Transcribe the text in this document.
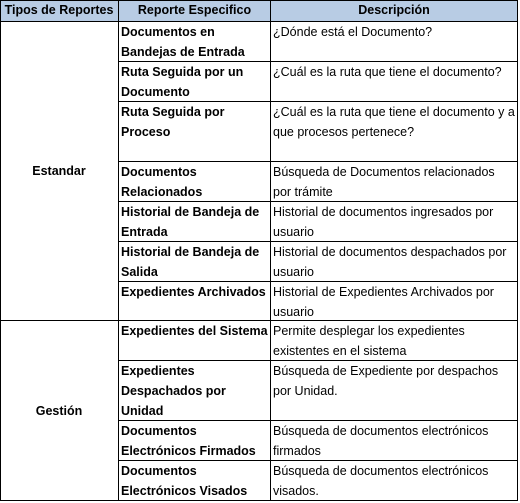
Tipos de Reportes	Reporte Especifico	Descripción
Estandar
Gestión
Documentos en Bandejas de Entrada
¿Dónde está el Documento?
Ruta Seguida por un Documento
¿Cuál es la ruta que tiene el documento?
Ruta Seguida por Proceso
¿Cuál es la ruta que tiene el documento y a que procesos pertenece?
Documentos Relacionados
Búsqueda de Documentos relacionados por trámite
Historial de Bandeja de Entrada
Historial de documentos ingresados por usuario
Historial de Bandeja de Salida
Historial de documentos despachados por usuario
Expedientes Archivados Historial de Expedientes Archivados por usuario
Expedientes del Sistema Permite desplegar los expedientes existentes en el sistema
Expedientes Despachados por Unidad
Búsqueda de Expediente por despachos por Unidad.
Documentos Electrónicos Firmados
Búsqueda de documentos electrónicos firmados
Documentos Electrónicos Visados
Búsqueda de documentos electrónicos visados.
